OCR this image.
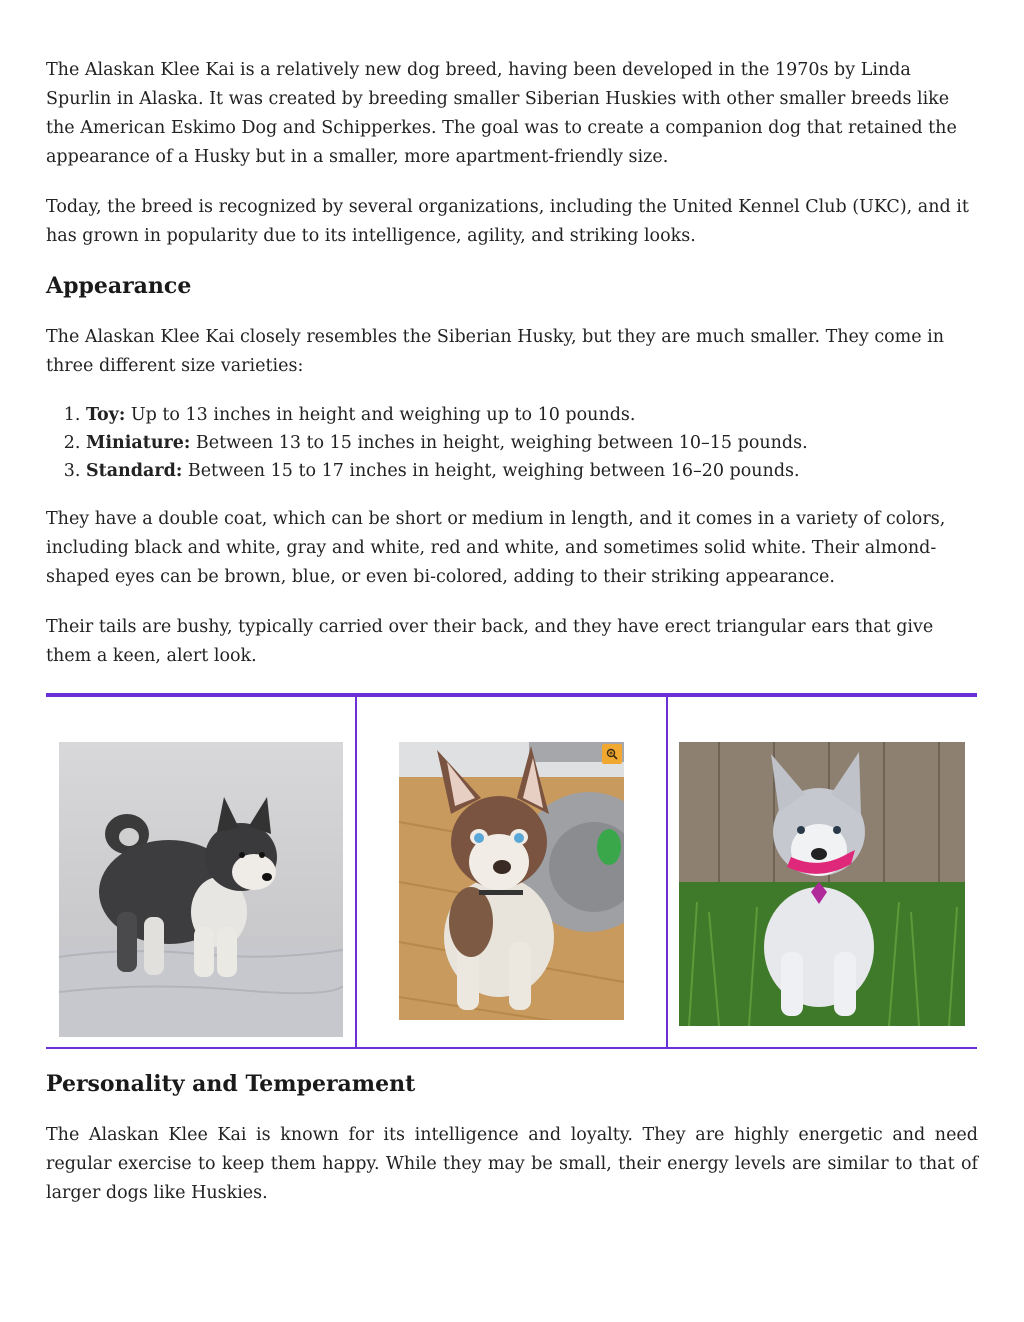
The Alaskan Klee Kai is a relatively new dog breed, having been developed in the 1970s by Linda Spurlin in Alaska. It was created by breeding smaller Siberian Huskies with other smaller breeds like the American Eskimo Dog and Schipperkes. The goal was to create a companion dog that retained the appearance of a Husky but in a smaller, more apartment-friendly size.

Today, the breed is recognized by several organizations, including the United Kennel Club (UKC), and it has grown in popularity due to its intelligence, agility, and striking looks.

Appearance

The Alaskan Klee Kai closely resembles the Siberian Husky, but they are much smaller. They come in three different size varieties:

1. Toy: Up to 13 inches in height and weighing up to 10 pounds.
2. Miniature: Between 13 to 15 inches in height, weighing between 10–15 pounds.
3. Standard: Between 15 to 17 inches in height, weighing between 16–20 pounds.

They have a double coat, which can be short or medium in length, and it comes in a variety of colors, including black and white, gray and white, red and white, and sometimes solid white. Their almond-shaped eyes can be brown, blue, or even bi-colored, adding to their striking appearance.

Their tails are bushy, typically carried over their back, and they have erect triangular ears that give them a keen, alert look.

Personality and Temperament

The Alaskan Klee Kai is known for its intelligence and loyalty. They are highly energetic and need regular exercise to keep them happy. While they may be small, their energy levels are similar to that of larger dogs like Huskies.
